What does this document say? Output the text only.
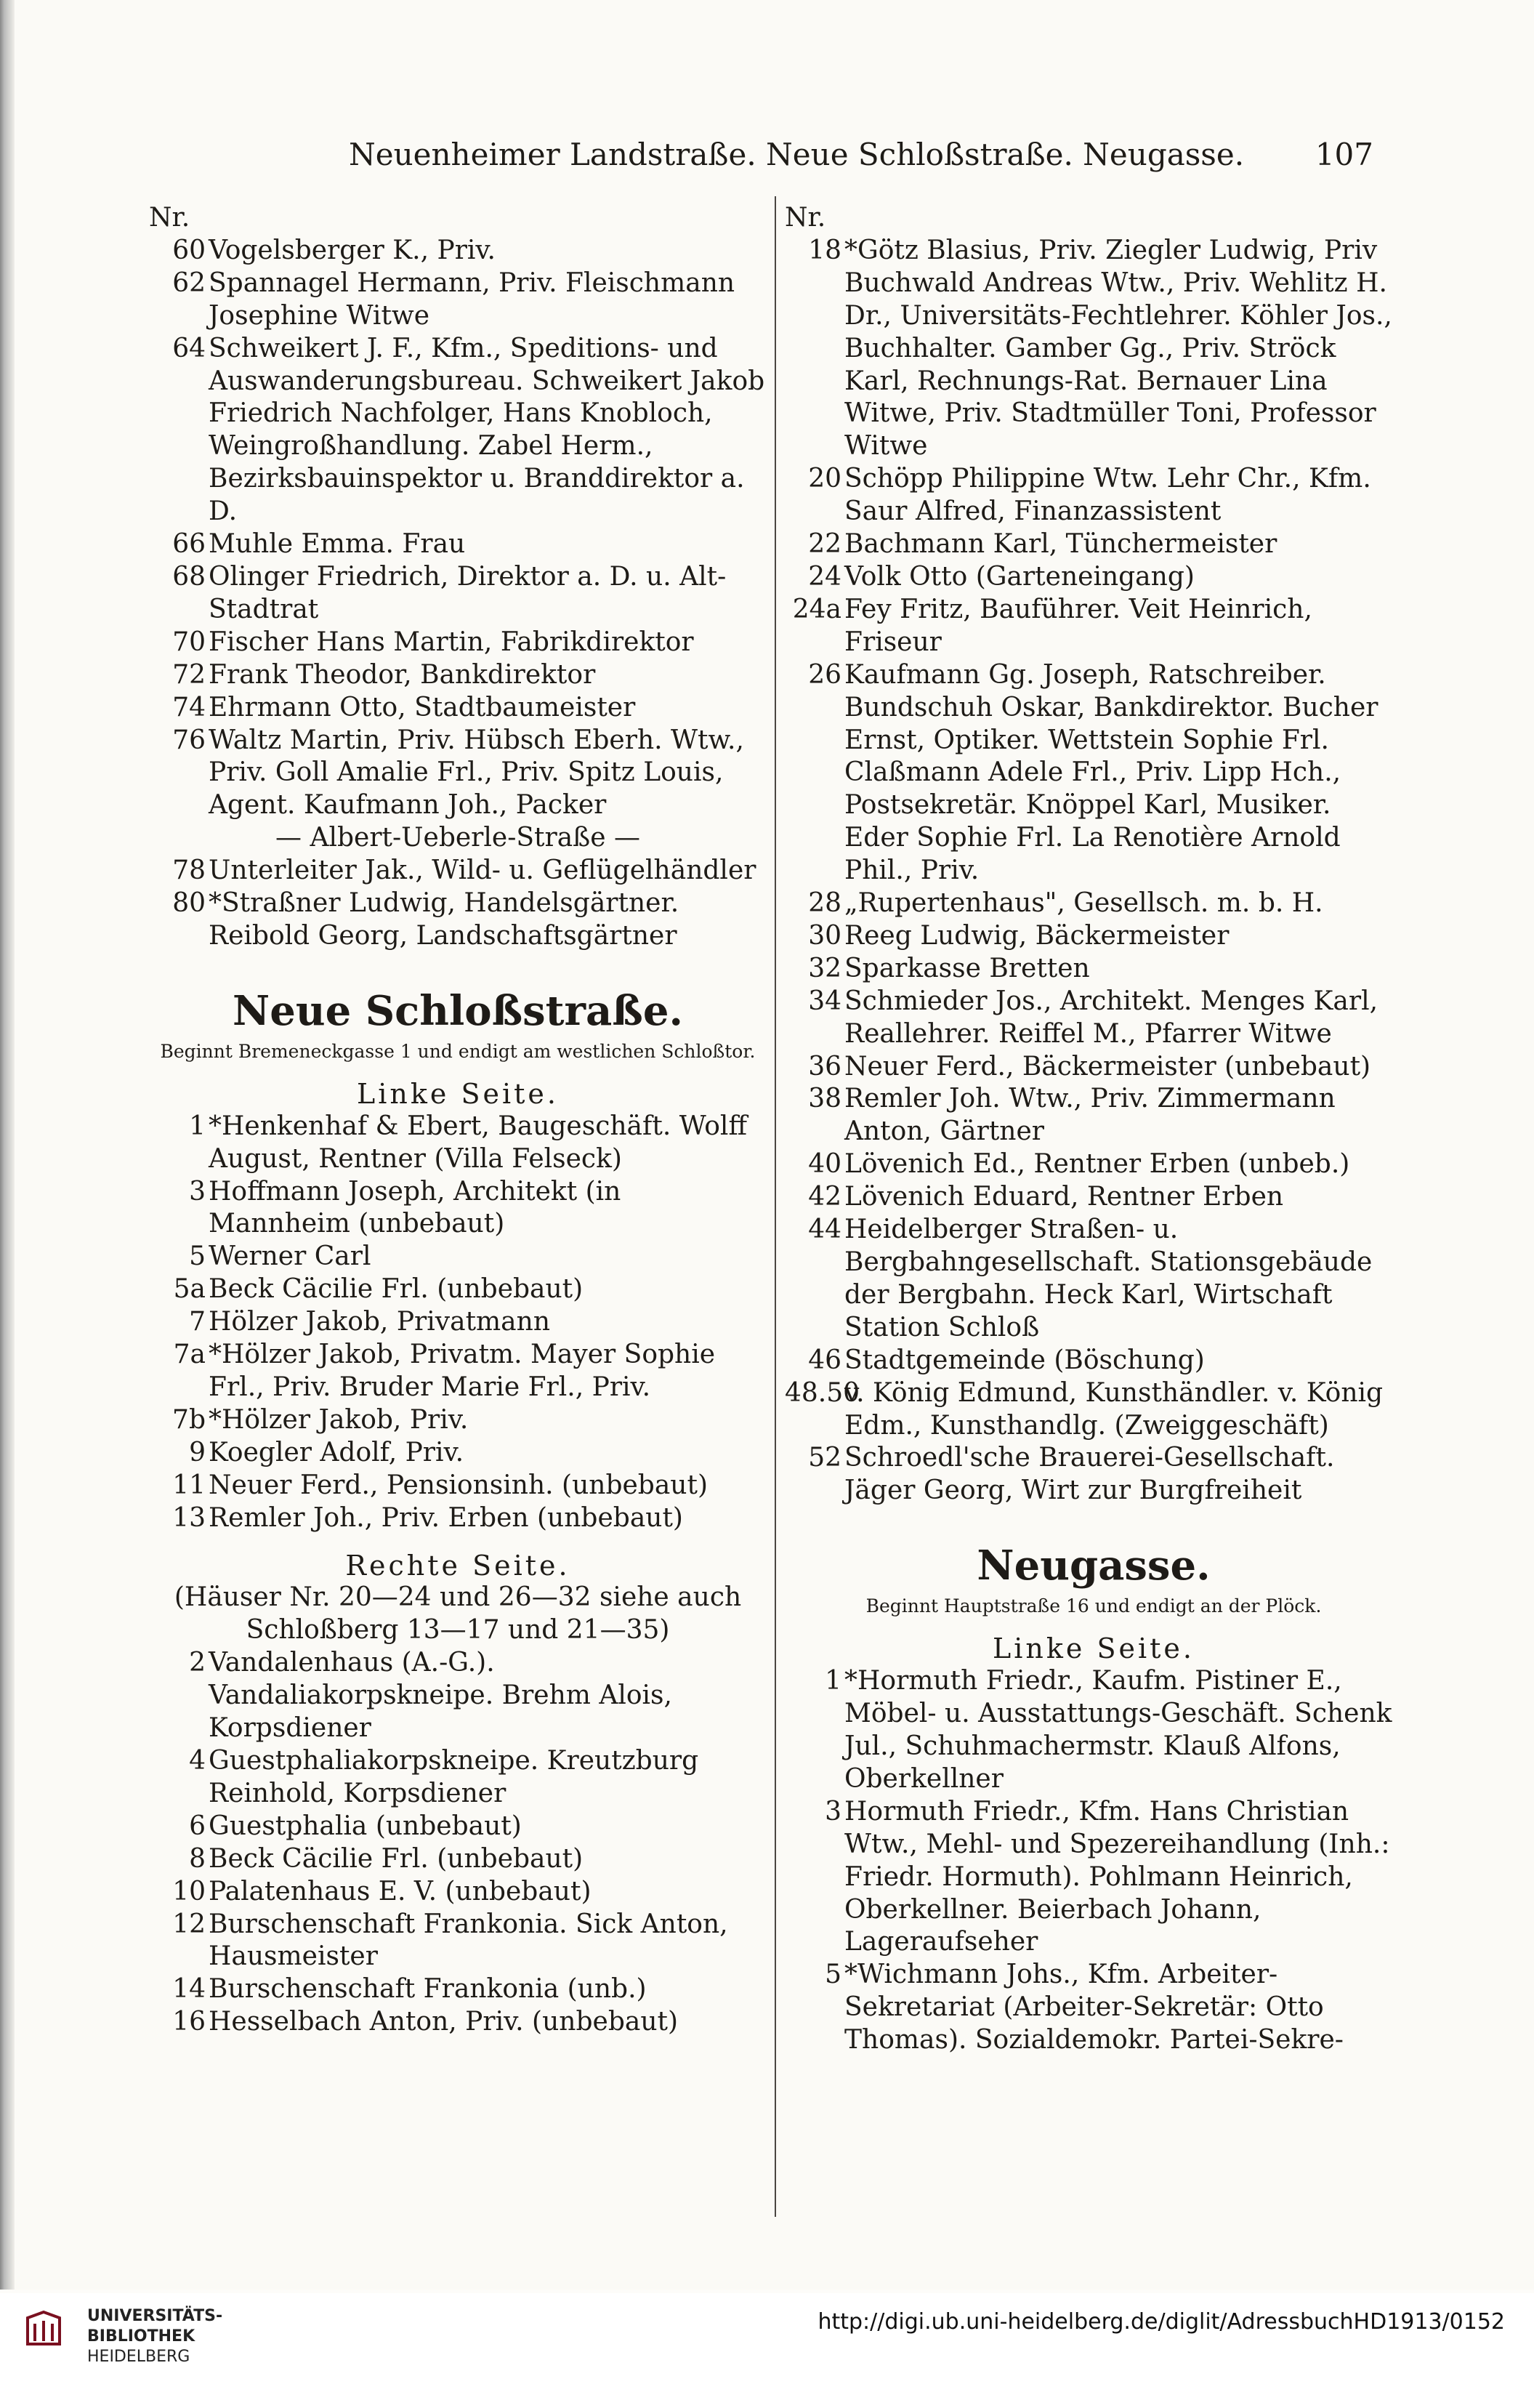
Neuenheimer Landstraße. Neue Schloßstraße. Neugasse. 107
Nr.
60 Vogelsberger K., Priv.
62 Spannagel Hermann, Priv. Fleischmann Josephine Witwe
64 Schweikert J. F., Kfm., Speditions- und Auswanderungsbureau. Schweikert Jakob Friedrich Nachfolger, Hans Knobloch, Weingroßhandlung. Zabel Herm., Bezirksbauinspektor u. Branddirektor a. D.
66 Muhle Emma. Frau
68 Olinger Friedrich, Direktor a. D. u. Alt-Stadtrat
70 Fischer Hans Martin, Fabrikdirektor
72 Frank Theodor, Bankdirektor
74 Ehrmann Otto, Stadtbaumeister
76 Waltz Martin, Priv. Hübsch Eberh. Wtw., Priv. Goll Amalie Frl., Priv. Spitz Louis, Agent. Kaufmann Joh., Packer
— Albert-Ueberle-Straße —
78 Unterleiter Jak., Wild- u. Geflügelhändler
80 *Straßner Ludwig, Handelsgärtner. Reibold Georg, Landschaftsgärtner
Neue Schloßstraße.
Beginnt Bremeneckgasse 1 und endigt am westlichen Schloßtor.
Linke Seite.
1 *Henkenhaf & Ebert, Baugeschäft. Wolff August, Rentner (Villa Felseck)
3 Hoffmann Joseph, Architekt (in Mannheim (unbebaut)
5 Werner Carl
5a Beck Cäcilie Frl. (unbebaut)
7 Hölzer Jakob, Privatmann
7a *Hölzer Jakob, Privatm. Mayer Sophie Frl., Priv. Bruder Marie Frl., Priv.
7b *Hölzer Jakob, Priv.
9 Koegler Adolf, Priv.
11 Neuer Ferd., Pensionsinh. (unbebaut)
13 Remler Joh., Priv. Erben (unbebaut)
Rechte Seite.
(Häuser Nr. 20—24 und 26—32 siehe auch Schloßberg 13—17 und 21—35)
2 Vandalenhaus (A.-G.). Vandaliakorpskneipe. Brehm Alois, Korpsdiener
4 Guestphaliakorpskneipe. Kreutzburg Reinhold, Korpsdiener
6 Guestphalia (unbebaut)
8 Beck Cäcilie Frl. (unbebaut)
10 Palatenhaus E. V. (unbebaut)
12 Burschenschaft Frankonia. Sick Anton, Hausmeister
14 Burschenschaft Frankonia (unb.)
16 Hesselbach Anton, Priv. (unbebaut)
Nr.
18 *Götz Blasius, Priv. Ziegler Ludwig, Priv Buchwald Andreas Wtw., Priv. Wehlitz H. Dr., Universitäts-Fechtlehrer. Köhler Jos., Buchhalter. Gamber Gg., Priv. Ströck Karl, Rechnungs-Rat. Bernauer Lina Witwe, Priv. Stadtmüller Toni, Professor Witwe
20 Schöpp Philippine Wtw. Lehr Chr., Kfm. Saur Alfred, Finanzassistent
22 Bachmann Karl, Tünchermeister
24 Volk Otto (Garteneingang)
24a Fey Fritz, Bauführer. Veit Heinrich, Friseur
26 Kaufmann Gg. Joseph, Ratschreiber. Bundschuh Oskar, Bankdirektor. Bucher Ernst, Optiker. Wettstein Sophie Frl. Claßmann Adele Frl., Priv. Lipp Hch., Postsekretär. Knöppel Karl, Musiker. Eder Sophie Frl. La Renotière Arnold Phil., Priv.
28 „Rupertenhaus", Gesellsch. m. b. H.
30 Reeg Ludwig, Bäckermeister
32 Sparkasse Bretten
34 Schmieder Jos., Architekt. Menges Karl, Reallehrer. Reiffel M., Pfarrer Witwe
36 Neuer Ferd., Bäckermeister (unbebaut)
38 Remler Joh. Wtw., Priv. Zimmermann Anton, Gärtner
40 Lövenich Ed., Rentner Erben (unbeb.)
42 Lövenich Eduard, Rentner Erben
44 Heidelberger Straßen- u. Bergbahngesellschaft. Stationsgebäude der Bergbahn. Heck Karl, Wirtschaft Station Schloß
46 Stadtgemeinde (Böschung)
48.50
v. König Edmund, Kunsthändler. v. König Edm., Kunsthandlg. (Zweiggeschäft)
52 Schroedl'sche Brauerei-Gesellschaft. Jäger Georg, Wirt zur Burgfreiheit
Neugasse.
Beginnt Hauptstraße 16 und endigt an der Plöck.
Linke Seite.
1 *Hormuth Friedr., Kaufm. Pistiner E., Möbel- u. Ausstattungs-Geschäft. Schenk Jul., Schuhmachermstr. Klauß Alfons, Oberkellner
3 Hormuth Friedr., Kfm. Hans Christian Wtw., Mehl- und Spezereihandlung (Inh.: Friedr. Hormuth). Pohlmann Heinrich, Oberkellner. Beierbach Johann, Lageraufseher
5 *Wichmann Johs., Kfm. Arbeiter-Sekretariat (Arbeiter-Sekretär: Otto Thomas). Sozialdemokr. Partei-Sekre-
UNIVERSITÄTS-
BIBLIOTHEK
HEIDELBERG
http://digi.ub.uni-heidelberg.de/diglit/AdressbuchHD1913/0152
